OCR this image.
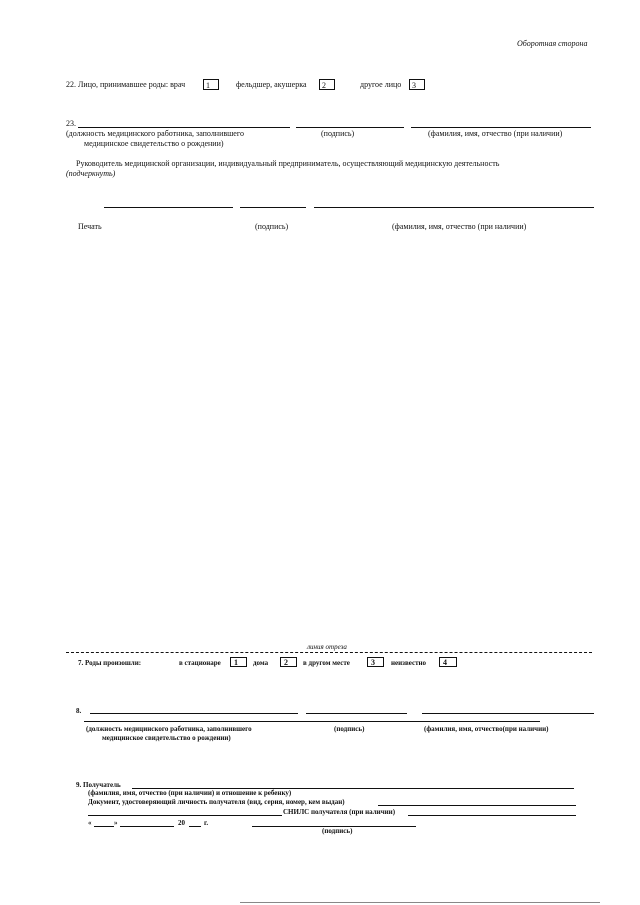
Оборотная сторона
22. Лицо, принимавшее роды: врач	1	фельдшер, акушерка	2	другое лицо	3
23.
(должность медицинского работника, заполнившего
медицинское свидетельство о рождении)
(подпись)	(фамилия, имя, отчество (при наличии)
Руководитель медицинской организации, индивидуальный предприниматель, осуществляющий медицинскую деятельность
(подчеркнуть)
Печать	(подпись)	(фамилия, имя, отчество (при наличии)
линия отреза
7. Роды произошли:	в стационаре	1	дома	2	в другом месте	3	неизвестно	4
8.
(должность медицинского работника, заполнившего
медицинское свидетельство о рождении)
(подпись)	(фамилия, имя, отчество(при наличии)
9. Получатель
(фамилия, имя, отчество (при наличии) и отношение к ребенку)
Документ, удостоверяющий личность получателя (вид, серия, номер, кем выдан)
СНИЛС получателя (при наличии)
«	»	20	г.
(подпись)
